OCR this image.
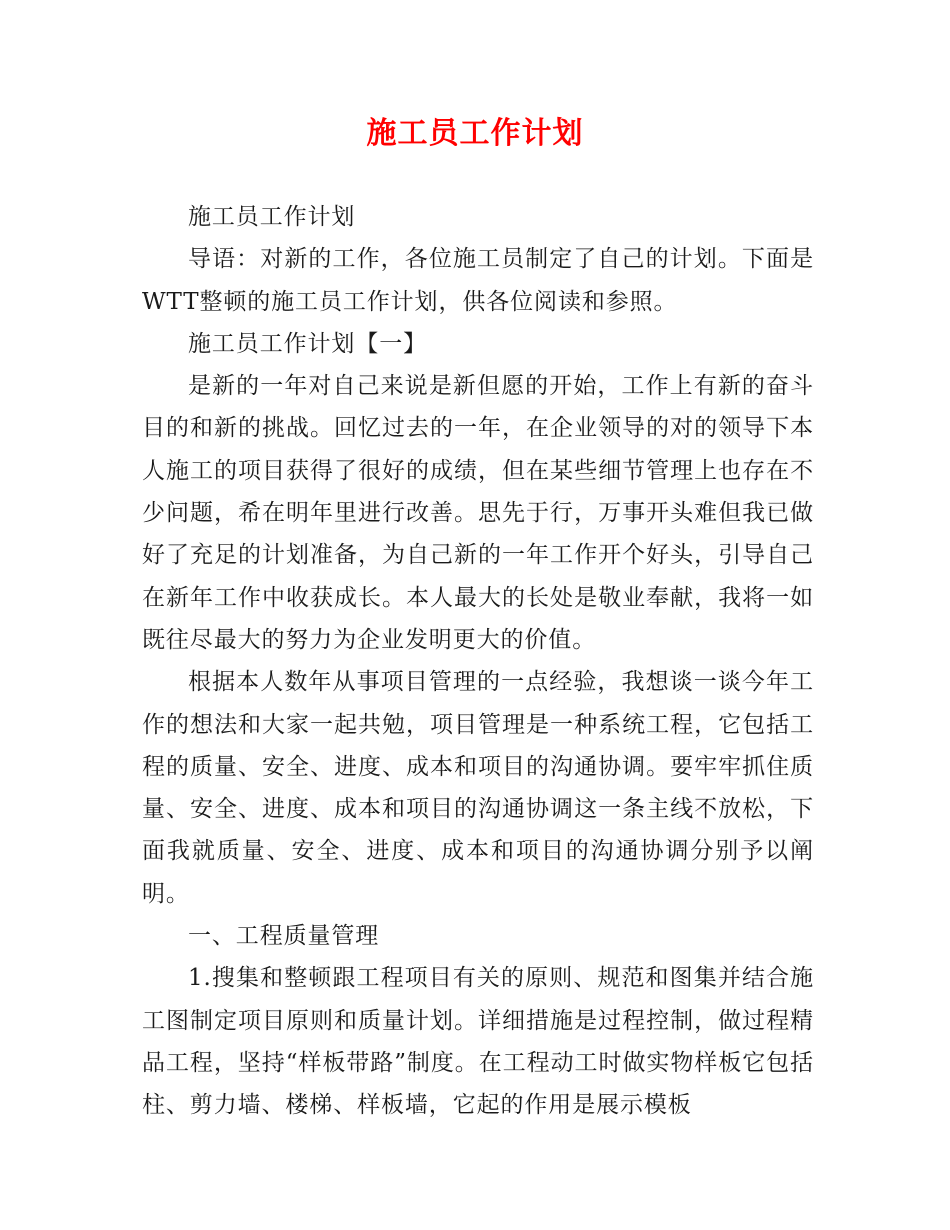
施工员工作计划

施工员工作计划

导语：对新的工作，各位施工员制定了自己的计划。下面是WTT整顿的施工员工作计划，供各位阅读和参照。

施工员工作计划【一】

是新的一年对自己来说是新但愿的开始，工作上有新的奋斗目的和新的挑战。回忆过去的一年，在企业领导的对的领导下本人施工的项目获得了很好的成绩，但在某些细节管理上也存在不少问题，希在明年里进行改善。思先于行，万事开头难但我已做好了充足的计划准备，为自己新的一年工作开个好头，引导自己在新年工作中收获成长。本人最大的长处是敬业奉献，我将一如既往尽最大的努力为企业发明更大的价值。

根据本人数年从事项目管理的一点经验，我想谈一谈今年工作的想法和大家一起共勉，项目管理是一种系统工程，它包括工程的质量、安全、进度、成本和项目的沟通协调。要牢牢抓住质量、安全、进度、成本和项目的沟通协调这一条主线不放松，下面我就质量、安全、进度、成本和项目的沟通协调分别予以阐明。

一、工程质量管理

1.搜集和整顿跟工程项目有关的原则、规范和图集并结合施工图制定项目原则和质量计划。详细措施是过程控制，做过程精品工程，坚持“样板带路”制度。在工程动工时做实物样板它包括柱、剪力墙、楼梯、样板墙，它起的作用是展示模板
